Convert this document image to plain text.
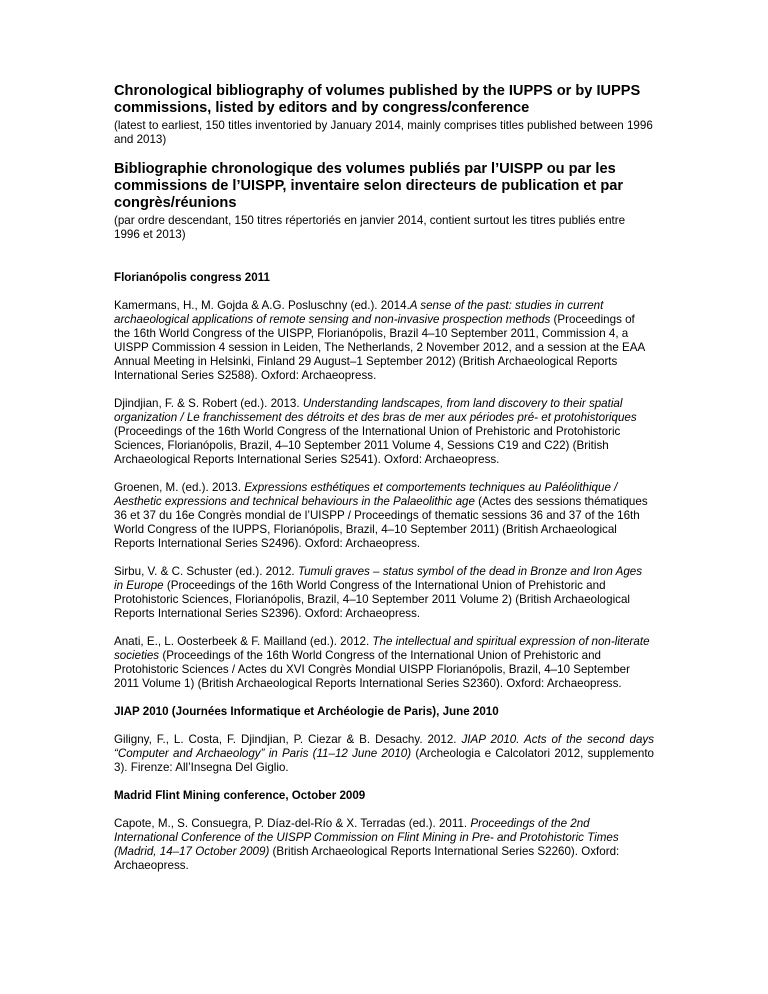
Chronological bibliography of volumes published by the IUPPS or by IUPPS commissions, listed by editors and by congress/conference

(latest to earliest, 150 titles inventoried by January 2014, mainly comprises titles published between 1996 and 2013)

Bibliographie chronologique des volumes publiés par l’UISPP ou par les commissions de l’UISPP, inventaire selon directeurs de publication et par congrès/réunions

(par ordre descendant, 150 titres répertoriés en janvier 2014, contient surtout les titres publiés entre 1996 et 2013)

Florianópolis congress 2011

Kamermans, H., M. Gojda & A.G. Posluschny (ed.). 2014.A sense of the past: studies in current archaeological applications of remote sensing and non-invasive prospection methods (Proceedings of the 16th World Congress of the UISPP, Florianópolis, Brazil 4–10 September 2011, Commission 4, a UISPP Commission 4 session in Leiden, The Netherlands, 2 November 2012, and a session at the EAA Annual Meeting in Helsinki, Finland 29 August–1 September 2012) (British Archaeological Reports International Series S2588). Oxford: Archaeopress.

Djindjian, F. & S. Robert (ed.). 2013. Understanding landscapes, from land discovery to their spatial organization / Le franchissement des détroits et des bras de mer aux périodes pré- et protohistoriques (Proceedings of the 16th World Congress of the International Union of Prehistoric and Protohistoric Sciences, Florianópolis, Brazil, 4–10 September 2011 Volume 4, Sessions C19 and C22) (British Archaeological Reports International Series S2541). Oxford: Archaeopress.

Groenen, M. (ed.). 2013. Expressions esthétiques et comportements techniques au Paléolithique / Aesthetic expressions and technical behaviours in the Palaeolithic age (Actes des sessions thématiques 36 et 37 du 16e Congrès mondial de l’UISPP / Proceedings of thematic sessions 36 and 37 of the 16th World Congress of the IUPPS, Florianópolis, Brazil, 4–10 September 2011) (British Archaeological Reports International Series S2496). Oxford: Archaeopress.

Sirbu, V. & C. Schuster (ed.). 2012. Tumuli graves – status symbol of the dead in Bronze and Iron Ages in Europe (Proceedings of the 16th World Congress of the International Union of Prehistoric and Protohistoric Sciences, Florianópolis, Brazil, 4–10 September 2011 Volume 2) (British Archaeological Reports International Series S2396). Oxford: Archaeopress.

Anati, E., L. Oosterbeek & F. Mailland (ed.). 2012. The intellectual and spiritual expression of non-literate societies (Proceedings of the 16th World Congress of the International Union of Prehistoric and Protohistoric Sciences / Actes du XVI Congrès Mondial UISPP Florianópolis, Brazil, 4–10 September 2011 Volume 1) (British Archaeological Reports International Series S2360). Oxford: Archaeopress.

JIAP 2010 (Journées Informatique et Archéologie de Paris), June 2010

Giligny, F., L. Costa, F. Djindjian, P. Ciezar & B. Desachy. 2012. JIAP 2010. Acts of the second days “Computer and Archaeology” in Paris (11–12 June 2010) (Archeologia e Calcolatori 2012, supplemento 3). Firenze: All’Insegna Del Giglio.

Madrid Flint Mining conference, October 2009

Capote, M., S. Consuegra, P. Díaz-del-Río & X. Terradas (ed.). 2011. Proceedings of the 2nd International Conference of the UISPP Commission on Flint Mining in Pre- and Protohistoric Times (Madrid, 14–17 October 2009) (British Archaeological Reports International Series S2260). Oxford: Archaeopress.
